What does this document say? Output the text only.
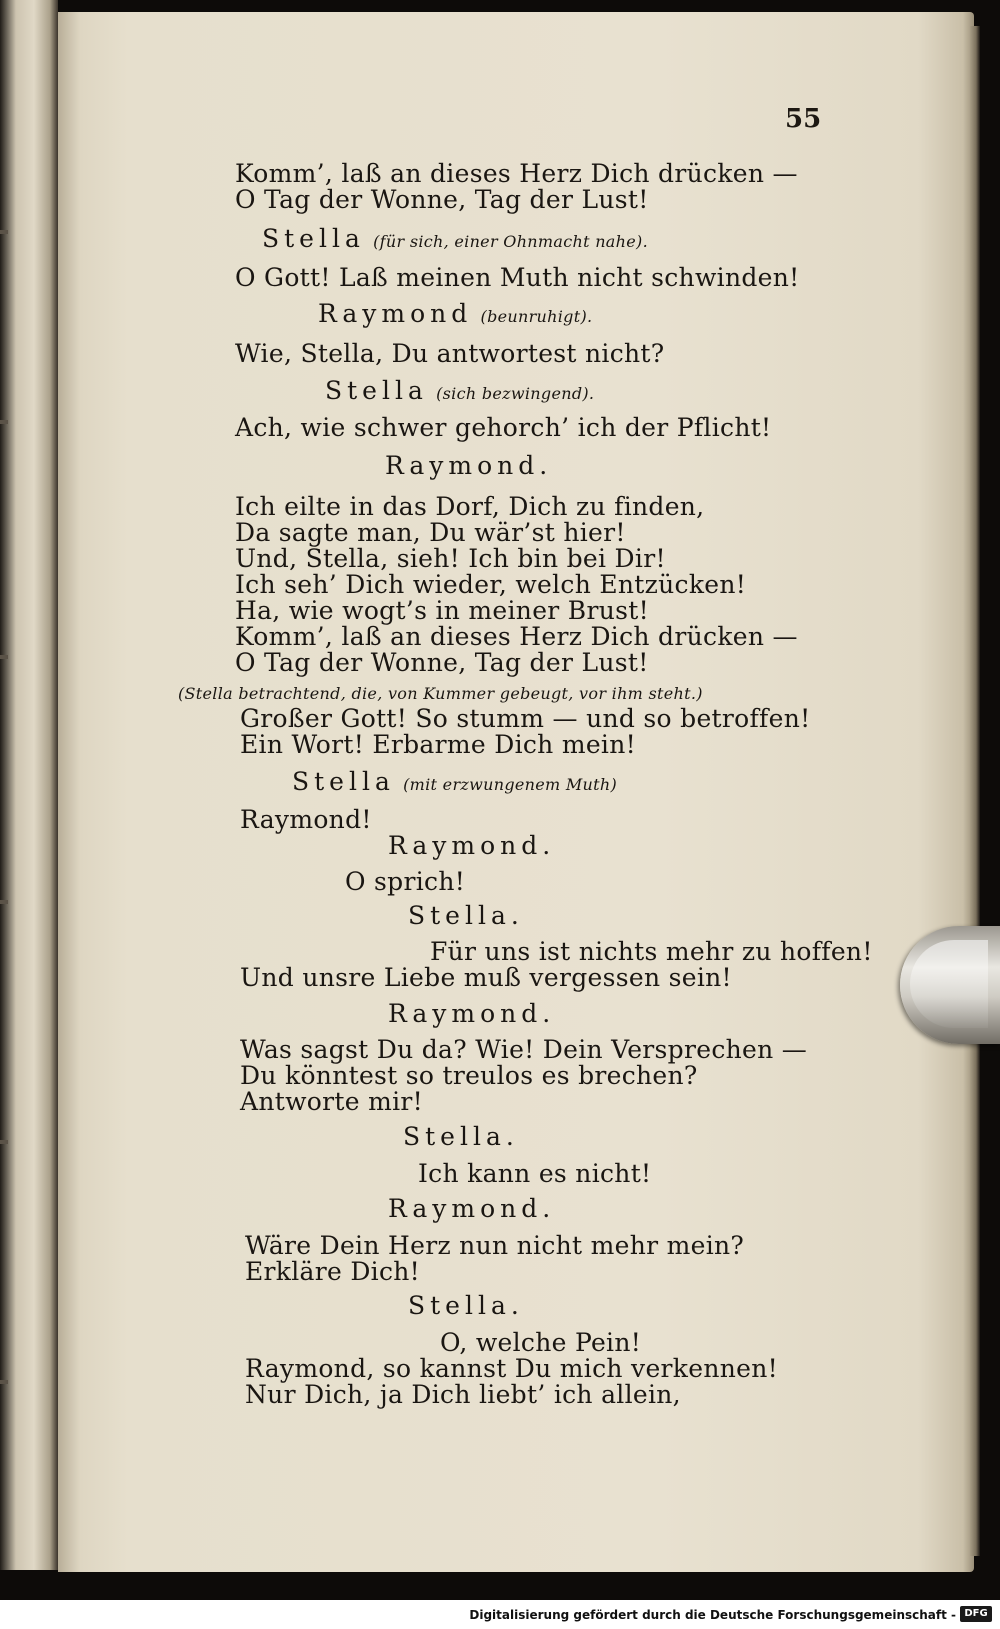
55
Komm’, laß an dieses Herz Dich drücken —
O Tag der Wonne, Tag der Lust!
Stella (für sich, einer Ohnmacht nahe).
O Gott! Laß meinen Muth nicht schwinden!
Raymond (beunruhigt).
Wie, Stella, Du antwortest nicht?
Stella (sich bezwingend).
Ach, wie schwer gehorch’ ich der Pflicht!
Raymond.
Ich eilte in das Dorf, Dich zu finden,
Da sagte man, Du wär’st hier!
Und, Stella, sieh! Ich bin bei Dir!
Ich seh’ Dich wieder, welch Entzücken!
Ha, wie wogt’s in meiner Brust!
Komm’, laß an dieses Herz Dich drücken —
O Tag der Wonne, Tag der Lust!
(Stella betrachtend, die, von Kummer gebeugt, vor ihm steht.)
Großer Gott! So stumm — und so betroffen!
Ein Wort! Erbarme Dich mein!
Stella (mit erzwungenem Muth)
Raymond!
Raymond.
O sprich!
Stella.
Für uns ist nichts mehr zu hoffen!
Und unsre Liebe muß vergessen sein!
Raymond.
Was sagst Du da? Wie! Dein Versprechen —
Du könntest so treulos es brechen?
Antworte mir!
Stella.
Ich kann es nicht!
Raymond.
Wäre Dein Herz nun nicht mehr mein?
Erkläre Dich!
Stella.
O, welche Pein!
Raymond, so kannst Du mich verkennen!
Nur Dich, ja Dich liebt’ ich allein,
Digitalisierung gefördert durch die Deutsche Forschungsgemeinschaft - DFG
